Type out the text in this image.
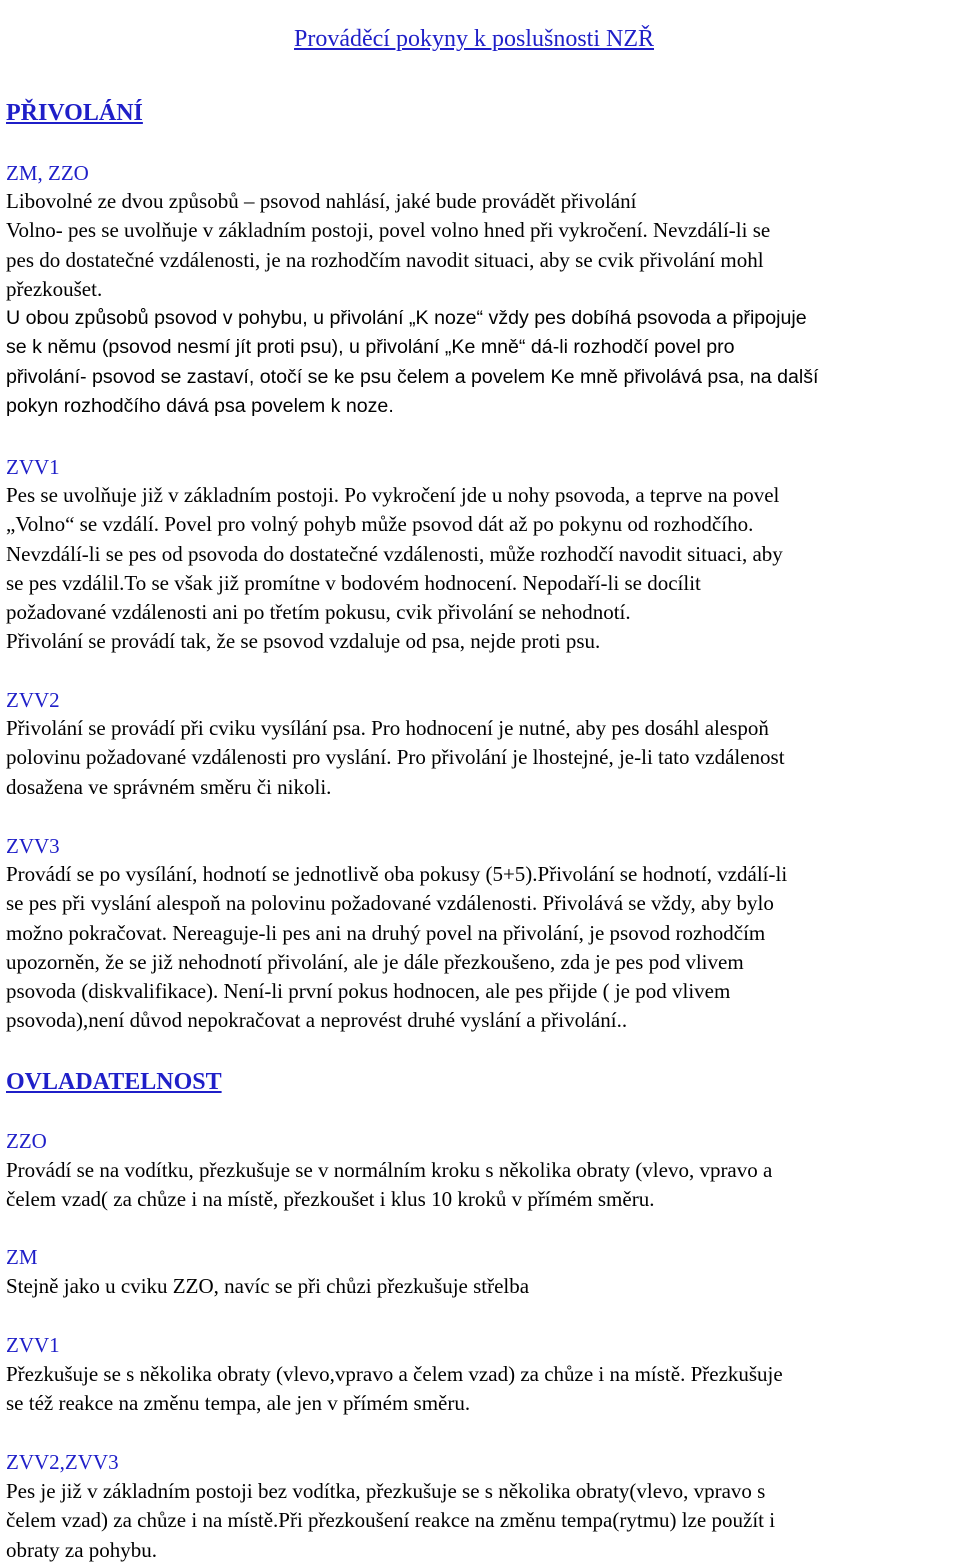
Prováděcí pokyny k poslušnosti NZŘ
PŘIVOLÁNÍ
ZM, ZZO
Libovolné ze dvou způsobů – psovod nahlásí, jaké bude provádět přivolání
Volno- pes se uvolňuje v základním postoji, povel volno hned při vykročení. Nevzdálí-li se
pes do dostatečné vzdálenosti, je na rozhodčím navodit situaci, aby se cvik přivolání mohl
přezkoušet.
U obou způsobů psovod v pohybu, u přivolání „K noze“ vždy pes dobíhá psovoda a připojuje
se k němu (psovod nesmí jít proti psu), u přivolání „Ke mně“ dá-li rozhodčí povel pro
přivolání- psovod se zastaví, otočí se ke psu čelem a povelem Ke mně přivolává psa, na další
pokyn rozhodčího dává psa povelem k noze.
ZVV1
Pes se uvolňuje již v základním postoji. Po vykročení jde u nohy psovoda, a teprve na povel
„Volno“ se vzdálí. Povel pro volný pohyb může psovod dát až po pokynu od rozhodčího.
Nevzdálí-li se pes od psovoda do dostatečné vzdálenosti, může rozhodčí navodit situaci, aby
se pes vzdálil.To se však již promítne v bodovém hodnocení. Nepodaří-li se docílit
požadované vzdálenosti ani po třetím pokusu, cvik přivolání se nehodnotí.
Přivolání se provádí tak, že se psovod vzdaluje od psa, nejde proti psu.
ZVV2
Přivolání se provádí při cviku vysílání psa. Pro hodnocení je nutné, aby pes dosáhl alespoň
polovinu požadované vzdálenosti pro vyslání. Pro přivolání je lhostejné, je-li tato vzdálenost
dosažena ve správném směru či nikoli.
ZVV3
Provádí se po vysílání, hodnotí se jednotlivě oba pokusy (5+5).Přivolání se hodnotí, vzdálí-li
se pes při vyslání alespoň na polovinu požadované vzdálenosti. Přivolává se vždy, aby bylo
možno pokračovat. Nereaguje-li pes ani na druhý povel na přivolání, je psovod rozhodčím
upozorněn, že se již nehodnotí přivolání, ale je dále přezkoušeno, zda je pes pod vlivem
psovoda (diskvalifikace). Není-li první pokus hodnocen, ale pes přijde ( je pod vlivem
psovoda),není důvod nepokračovat a neprovést druhé vyslání a přivolání..
OVLADATELNOST
ZZO
Provádí se na vodítku, přezkušuje se v normálním kroku s několika obraty (vlevo, vpravo a
čelem vzad( za chůze i na místě, přezkoušet i klus 10 kroků v přímém směru.
ZM
Stejně jako u cviku ZZO, navíc se při chůzi přezkušuje střelba
ZVV1
Přezkušuje se s několika obraty (vlevo,vpravo a čelem vzad) za chůze i na místě. Přezkušuje
se též reakce na změnu tempa, ale jen v přímém směru.
ZVV2,ZVV3
Pes je již v základním postoji bez vodítka, přezkušuje se s několika obraty(vlevo, vpravo s
čelem vzad) za chůze i na místě.Při přezkoušení reakce na změnu tempa(rytmu) lze použít i
obraty za pohybu.
